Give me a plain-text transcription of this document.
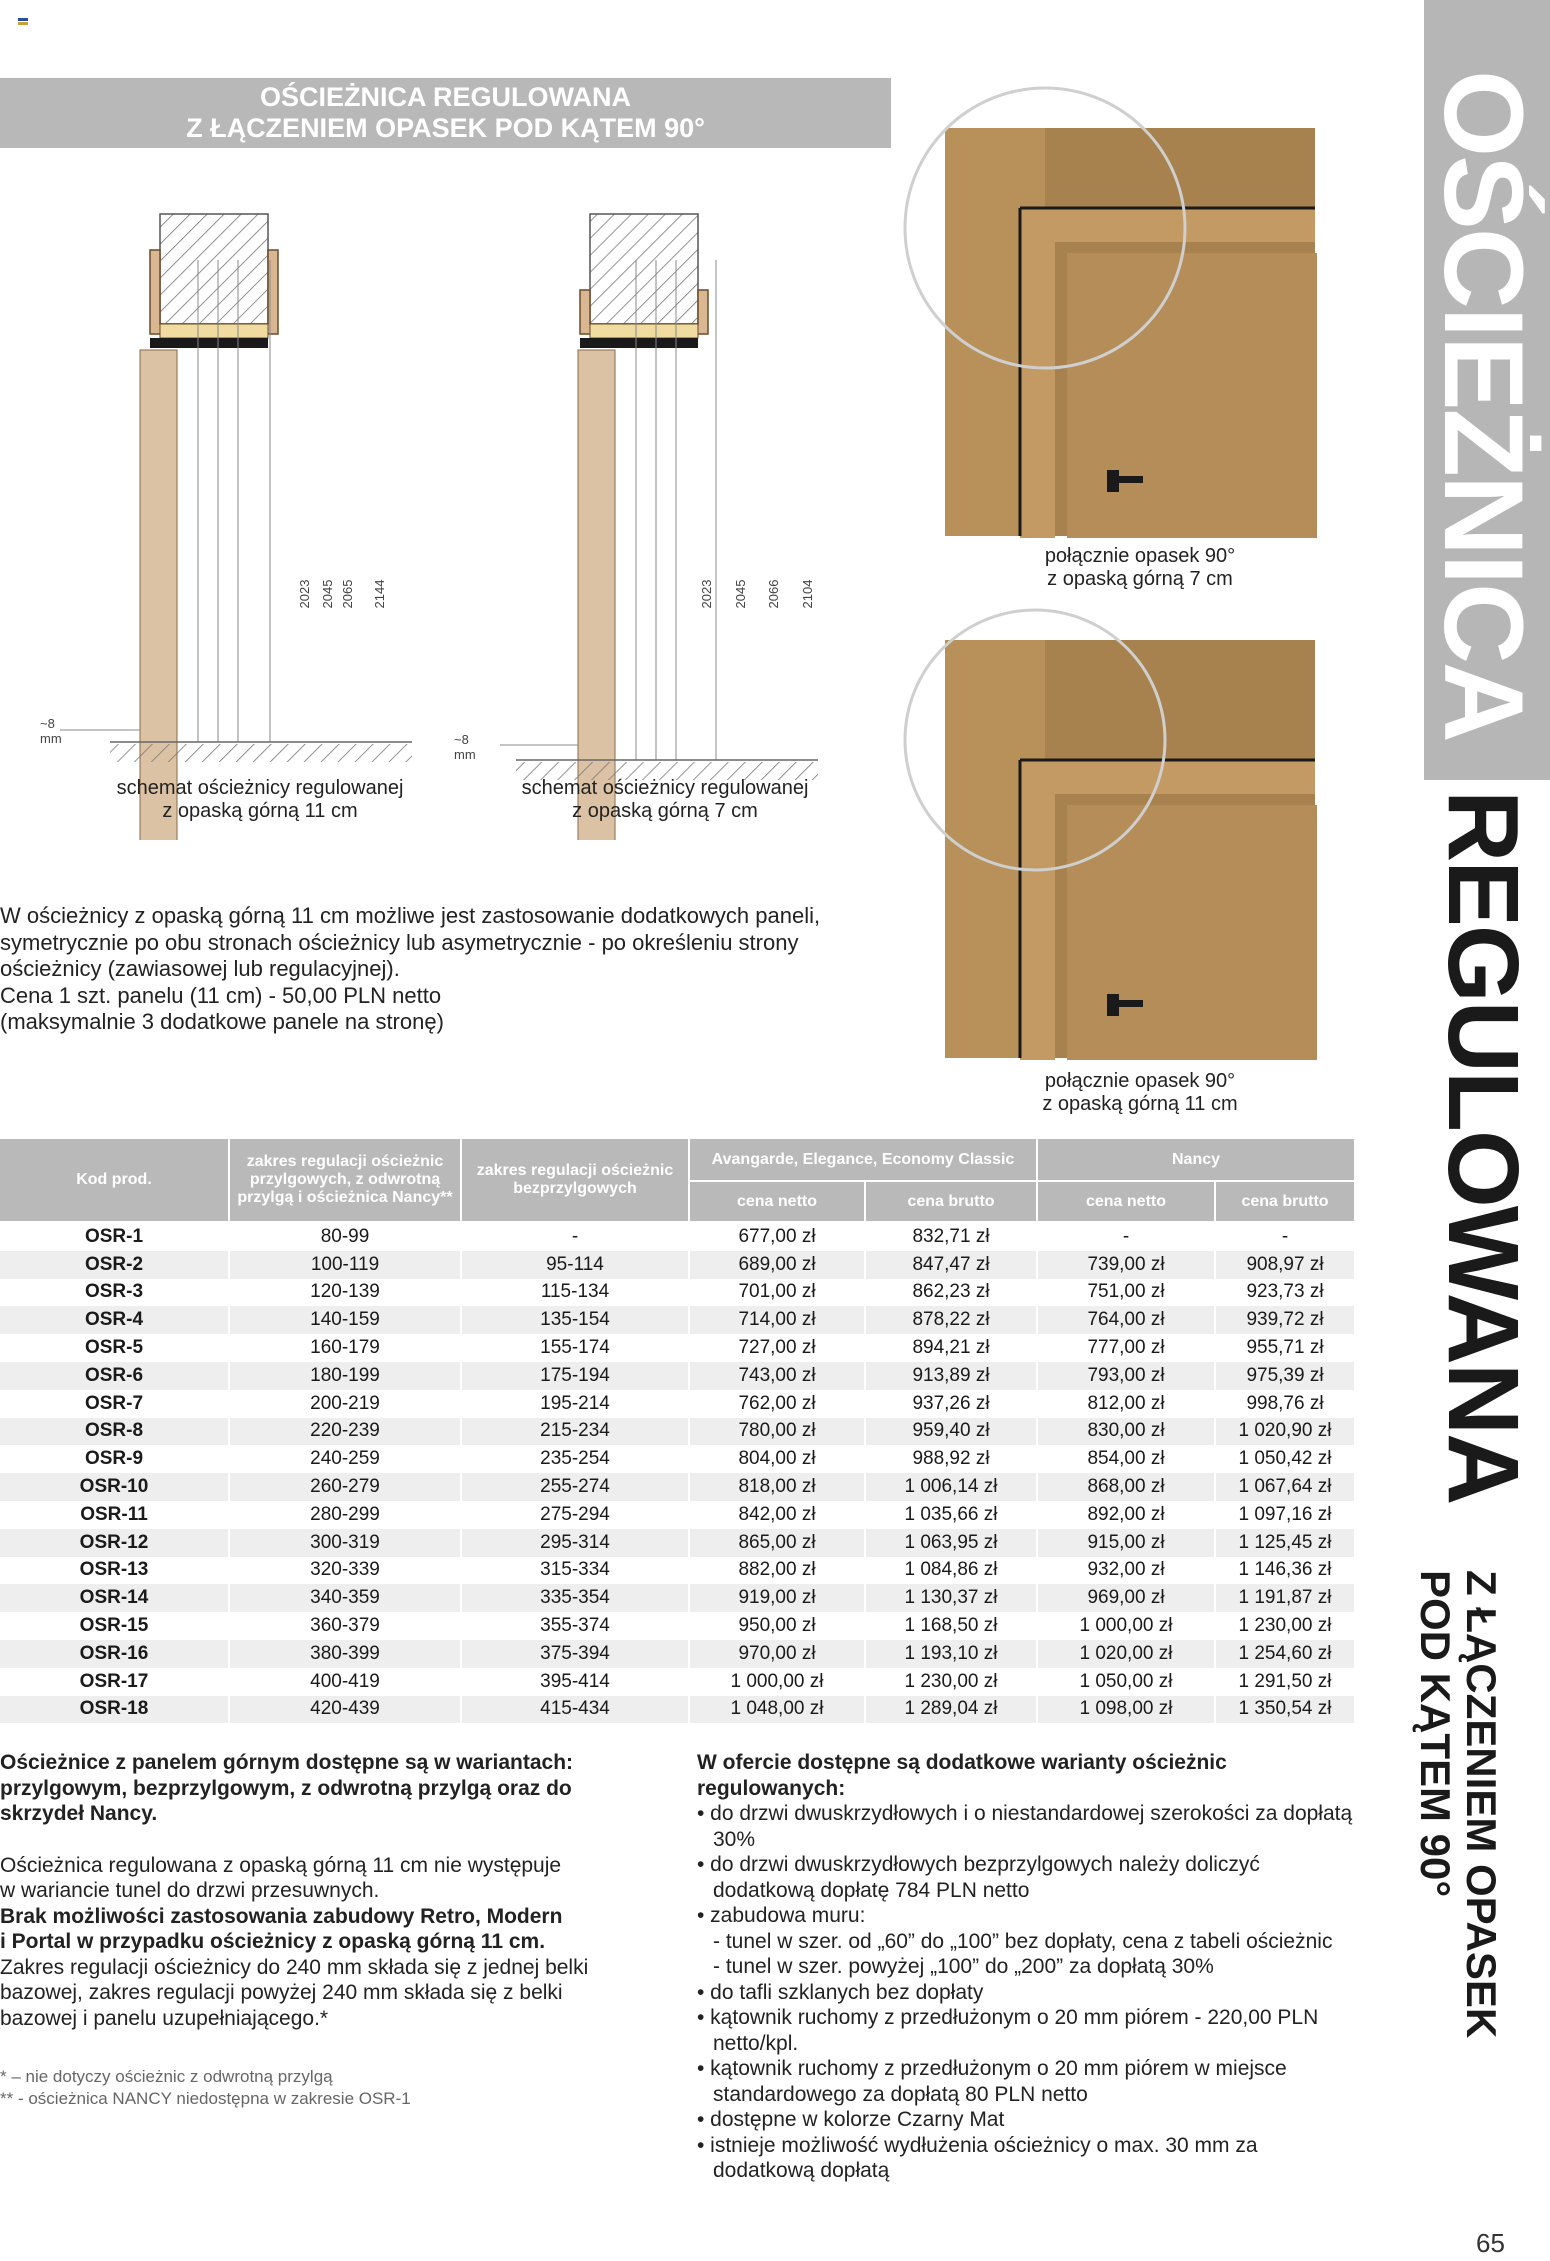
OŚCIEŻNICA REGULOWANA
Z ŁĄCZENIEM OPASEK POD KĄTEM 90°
2023 2045 2065	2144
~8 mm
2023	2045	2066	2104
~8 mm
schemat ościeżnicy regulowanej
z opaską górną 11 cm
schemat ościeżnicy regulowanej
z opaską górną 7 cm
połącznie opasek 90°
z opaską górną 7 cm
połącznie opasek 90°
z opaską górną 11 cm
W ościeżnicy z opaską górną 11 cm możliwe jest zastosowanie dodatkowych paneli,
symetrycznie po obu stronach ościeżnicy lub asymetrycznie - po określeniu strony
ościeżnicy (zawiasowej lub regulacyjnej).
Cena 1 szt. panelu (11 cm) - 50,00 PLN netto
(maksymalnie 3 dodatkowe panele na stronę)
OŚCIEŻNICA
REGULOWANA
Z ŁĄCZENIEM OPASEK
POD KĄTEM 90°
Kod prod.	zakres regulacji ościeżnic przylgowych, z odwrotną przylgą i ościeżnica Nancy**	zakres regulacji ościeżnic bezprzylgowych	Avangarde, Elegance, Economy Classic		Nancy	
			cena netto	cena brutto	cena netto	cena brutto
OSR-1	80-99	-	677,00 zł	832,71 zł	-	-
OSR-2	100-119	95-114	689,00 zł	847,47 zł	739,00 zł	908,97 zł
OSR-3	120-139	115-134	701,00 zł	862,23 zł	751,00 zł	923,73 zł
OSR-4	140-159	135-154	714,00 zł	878,22 zł	764,00 zł	939,72 zł
OSR-5	160-179	155-174	727,00 zł	894,21 zł	777,00 zł	955,71 zł
OSR-6	180-199	175-194	743,00 zł	913,89 zł	793,00 zł	975,39 zł
OSR-7	200-219	195-214	762,00 zł	937,26 zł	812,00 zł	998,76 zł
OSR-8	220-239	215-234	780,00 zł	959,40 zł	830,00 zł	1 020,90 zł
OSR-9	240-259	235-254	804,00 zł	988,92 zł	854,00 zł	1 050,42 zł
OSR-10	260-279	255-274	818,00 zł	1 006,14 zł	868,00 zł	1 067,64 zł
OSR-11	280-299	275-294	842,00 zł	1 035,66 zł	892,00 zł	1 097,16 zł
OSR-12	300-319	295-314	865,00 zł	1 063,95 zł	915,00 zł	1 125,45 zł
OSR-13	320-339	315-334	882,00 zł	1 084,86 zł	932,00 zł	1 146,36 zł
OSR-14	340-359	335-354	919,00 zł	1 130,37 zł	969,00 zł	1 191,87 zł
OSR-15	360-379	355-374	950,00 zł	1 168,50 zł	1 000,00 zł	1 230,00 zł
OSR-16	380-399	375-394	970,00 zł	1 193,10 zł	1 020,00 zł	1 254,60 zł
OSR-17	400-419	395-414	1 000,00 zł	1 230,00 zł	1 050,00 zł	1 291,50 zł
OSR-18	420-439	415-434	1 048,00 zł	1 289,04 zł	1 098,00 zł	1 350,54 zł
Ościeżnice z panelem górnym dostępne są w wariantach:
przylgowym, bezprzylgowym, z odwrotną przylgą oraz do
skrzydeł Nancy.
Ościeżnica regulowana z opaską górną 11 cm nie występuje
w wariancie tunel do drzwi przesuwnych.
Brak możliwości zastosowania zabudowy Retro, Modern
i Portal w przypadku ościeżnicy z opaską górną 11 cm.
Zakres regulacji ościeżnicy do 240 mm składa się z jednej belki
bazowej, zakres regulacji powyżej 240 mm składa się z belki
bazowej i panelu uzupełniającego.*
* – nie dotyczy ościeżnic z odwrotną przylgą
** - ościeżnica NANCY niedostępna w zakresie OSR-1
W ofercie dostępne są dodatkowe warianty ościeżnic
regulowanych:
• do drzwi dwuskrzydłowych i o niestandardowej szerokości za dopłatą 30%
• do drzwi dwuskrzydłowych bezprzylgowych należy doliczyć dodatkową dopłatę 784 PLN netto
• zabudowa muru:
- tunel w szer. od „60” do „100” bez dopłaty, cena z tabeli ościeżnic
- tunel w szer. powyżej „100” do „200” za dopłatą 30%
• do tafli szklanych bez dopłaty
• kątownik ruchomy z przedłużonym o 20 mm piórem - 220,00 PLN netto/kpl.
• kątownik ruchomy z przedłużonym o 20 mm piórem w miejsce standardowego za dopłatą 80 PLN netto
• dostępne w kolorze Czarny Mat
• istnieje możliwość wydłużenia ościeżnicy o max. 30 mm za dodatkową dopłatą
65
